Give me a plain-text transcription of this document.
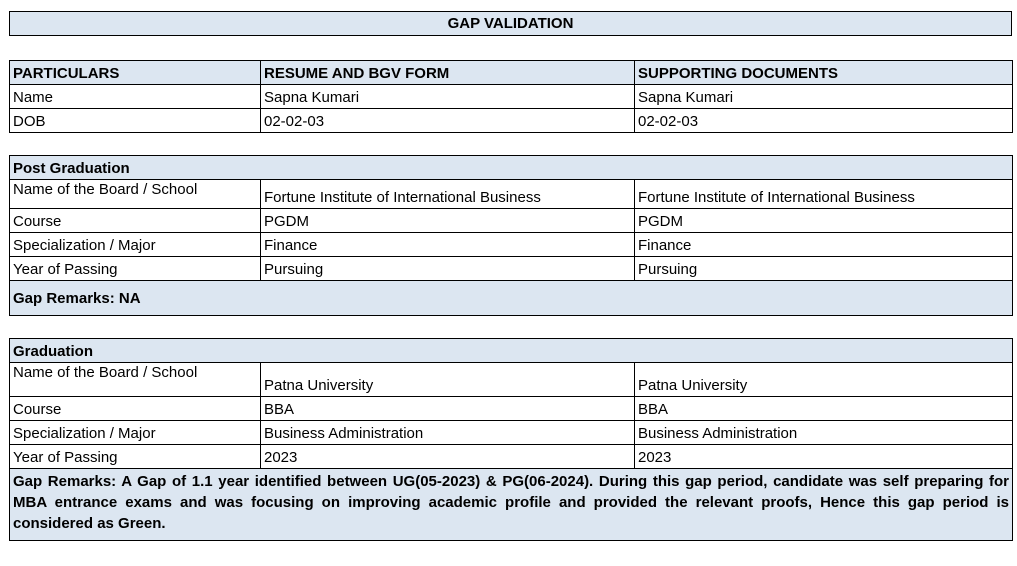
GAP VALIDATION
PARTICULARS	RESUME AND BGV FORM	SUPPORTING DOCUMENTS
Name	Sapna Kumari	Sapna Kumari
DOB	02-02-03	02-02-03
Post Graduation		
Name of the Board / School	Fortune Institute of International Business	Fortune Institute of International Business
Course	PGDM	PGDM
Specialization / Major	Finance	Finance
Year of Passing	Pursuing	Pursuing
Gap Remarks: NA		
Graduation		
Name of the Board / School	Patna University	Patna University
Course	BBA	BBA
Specialization / Major	Business Administration	Business Administration
Year of Passing	2023	2023
Gap Remarks: A Gap of 1.1 year identified between UG(05-2023) & PG(06-2024). During this gap period, candidate was self preparing for MBA entrance exams and was focusing on improving academic profile and provided the relevant proofs, Hence this gap period is considered as Green.		
